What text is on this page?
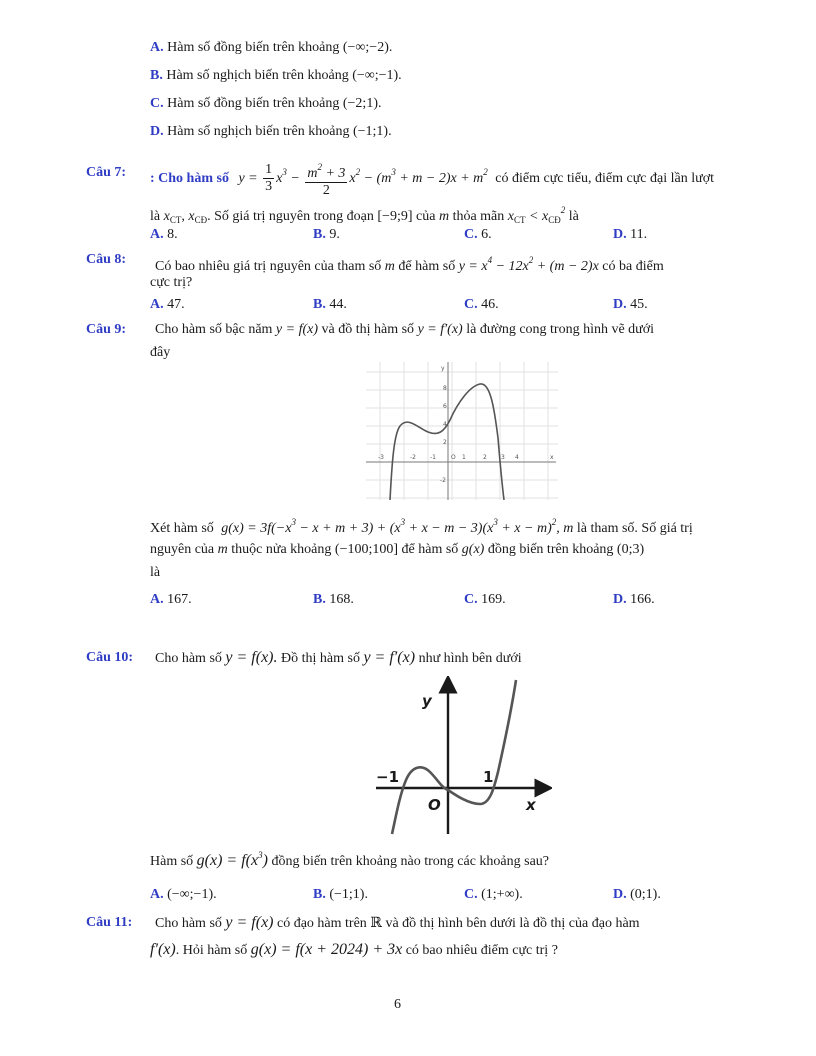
A. Hàm số đồng biến trên khoảng (−∞;−2).
B. Hàm số nghịch biến trên khoảng (−∞;−1).
C. Hàm số đồng biến trên khoảng (−2;1).
D. Hàm số nghịch biến trên khoảng (−1;1).
Câu 7: : Cho hàm số $y = \frac{1}{3} x^3 - \frac{m^2 + 3}{2} x^2 - (m^3 + m - 2)x + m^2$ có điểm cực tiểu, điểm cực đại lần lượt
là $x_{CT}$, $x_{CĐ}$. Số giá trị nguyên trong đoạn [−9;9] của m thỏa mãn $x_{CT} < x_{CĐ}^2$ là
A. 8.	B. 9.	C. 6.	D. 11.
Câu 8: Có bao nhiêu giá trị nguyên của tham số m để hàm số $y = x^4 - 12x^2 + (m - 2)x$ có ba điểm
cực trị?
A. 47.	B. 44.	C. 46.	D. 45.
Câu 9: Cho hàm số bậc năm y = f(x) và đồ thị hàm số y = f′(x) là đường cong trong hình vẽ dưới
đây
-3	-2 -1	O 1	2 3 4	x
y
8
6
4
2
-2
Xét hàm số $g(x) = 3f(-x^3 - x + m + 3) + (x^3 + x - m - 3)(x^3 + x - m)^2$, m là tham số. Số giá trị
nguyên của m thuộc nửa khoảng (−100;100] để hàm số g(x) đồng biến trên khoảng (0;3)
là
A. 167.	B. 168.	C. 169.	D. 166.
Câu 10: Cho hàm số y = f(x). Đồ thị hàm số y = f′(x) như hình bên dưới
y
x
O
−1	1
Hàm số $g(x) = f(x^3)$ đồng biến trên khoảng nào trong các khoảng sau?
A. (−∞;−1).	B. (−1;1).	C. (1;+∞).	D. (0;1).
Câu 11: Cho hàm số y = f(x) có đạo hàm trên ℝ và đồ thị hình bên dưới là đồ thị của đạo hàm
f′(x). Hỏi hàm số g(x) = f(x + 2024) + 3x có bao nhiêu điểm cực trị ?
6
